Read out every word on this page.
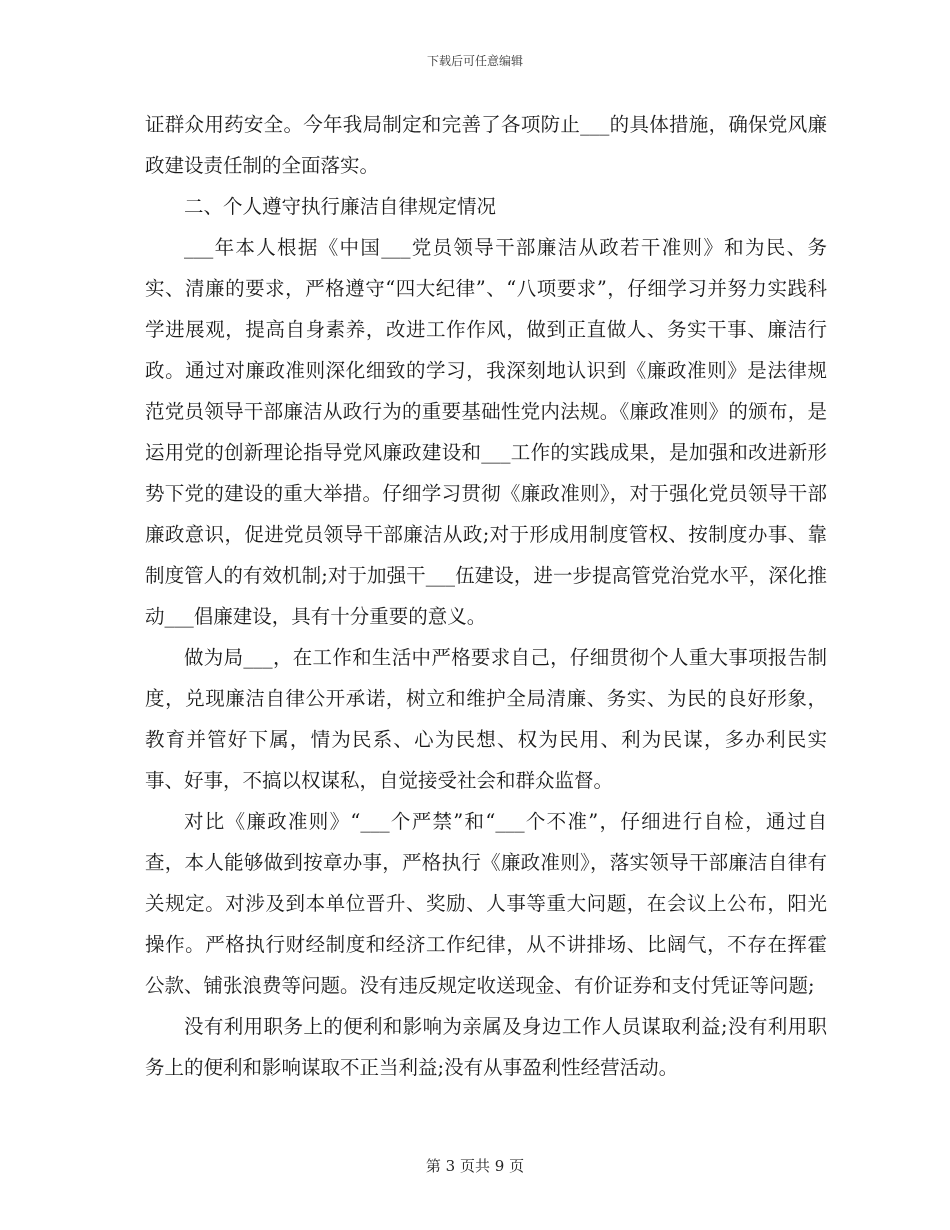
下载后可任意编辑

证群众用药安全。今年我局制定和完善了各项防止___的具体措施，确保党风廉政建设责任制的全面落实。

二、个人遵守执行廉洁自律规定情况

___年本人根据《中国___党员领导干部廉洁从政若干准则》和为民、务实、清廉的要求，严格遵守“四大纪律”、“八项要求”，仔细学习并努力实践科学进展观，提高自身素养，改进工作作风，做到正直做人、务实干事、廉洁行政。通过对廉政准则深化细致的学习，我深刻地认识到《廉政准则》是法律规范党员领导干部廉洁从政行为的重要基础性党内法规。《廉政准则》的颁布，是运用党的创新理论指导党风廉政建设和___工作的实践成果，是加强和改进新形势下党的建设的重大举措。仔细学习贯彻《廉政准则》，对于强化党员领导干部廉政意识，促进党员领导干部廉洁从政;对于形成用制度管权、按制度办事、靠制度管人的有效机制;对于加强干___伍建设，进一步提高管党治党水平，深化推动___倡廉建设，具有十分重要的意义。

做为局___，在工作和生活中严格要求自己，仔细贯彻个人重大事项报告制度，兑现廉洁自律公开承诺，树立和维护全局清廉、务实、为民的良好形象，教育并管好下属，情为民系、心为民想、权为民用、利为民谋，多办利民实事、好事，不搞以权谋私，自觉接受社会和群众监督。

对比《廉政准则》“___个严禁”和“___个不准”，仔细进行自检，通过自查，本人能够做到按章办事，严格执行《廉政准则》，落实领导干部廉洁自律有关规定。对涉及到本单位晋升、奖励、人事等重大问题，在会议上公布，阳光操作。严格执行财经制度和经济工作纪律，从不讲排场、比阔气，不存在挥霍公款、铺张浪费等问题。没有违反规定收送现金、有价证券和支付凭证等问题;

没有利用职务上的便利和影响为亲属及身边工作人员谋取利益;没有利用职务上的便利和影响谋取不正当利益;没有从事盈利性经营活动。

第 3 页共 9 页
